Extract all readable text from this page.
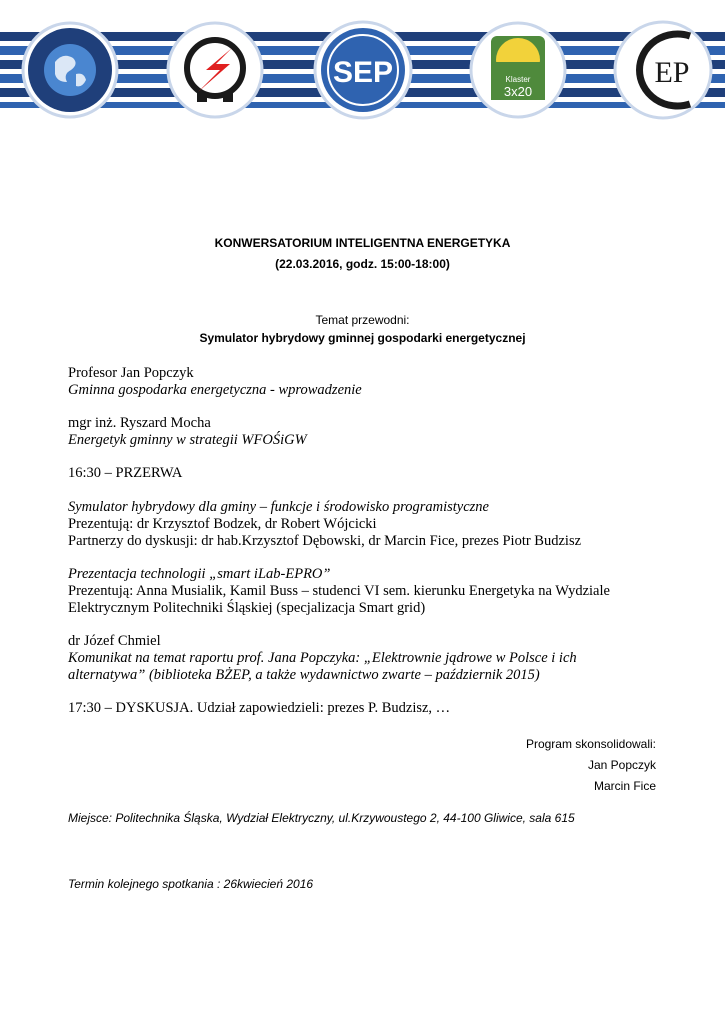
SEP	Klaster
3x20
EP
KONWERSATORIUM INTELIGENTNA ENERGETYKA
(22.03.2016, godz. 15:00-18:00)
Temat przewodni:
Symulator hybrydowy gminnej gospodarki energetycznej
Profesor Jan Popczyk
Gminna gospodarka energetyczna - wprowadzenie
mgr inż. Ryszard Mocha
Energetyk gminny w strategii WFOŚiGW
16:30 – PRZERWA
Symulator hybrydowy dla gminy – funkcje i środowisko programistyczne
Prezentują: dr Krzysztof Bodzek, dr Robert Wójcicki
Partnerzy do dyskusji: dr hab.Krzysztof Dębowski, dr Marcin Fice, prezes Piotr Budzisz
Prezentacja technologii „smart iLab-EPRO”
Prezentują: Anna Musialik, Kamil Buss – studenci VI sem. kierunku Energetyka na Wydziale
Elektrycznym Politechniki Śląskiej (specjalizacja Smart grid)
dr Józef Chmiel
Komunikat na temat raportu prof. Jana Popczyka: „Elektrownie jądrowe w Polsce i ich
alternatywa” (biblioteka BŻEP, a także wydawnictwo zwarte – październik 2015)
17:30 – DYSKUSJA. Udział zapowiedzieli: prezes P. Budzisz, …
Program skonsolidowali:
Jan Popczyk
Marcin Fice
Miejsce: Politechnika Śląska, Wydział Elektryczny, ul.Krzywoustego 2, 44-100 Gliwice, sala 615
Termin kolejnego spotkania : 26kwiecień 2016
